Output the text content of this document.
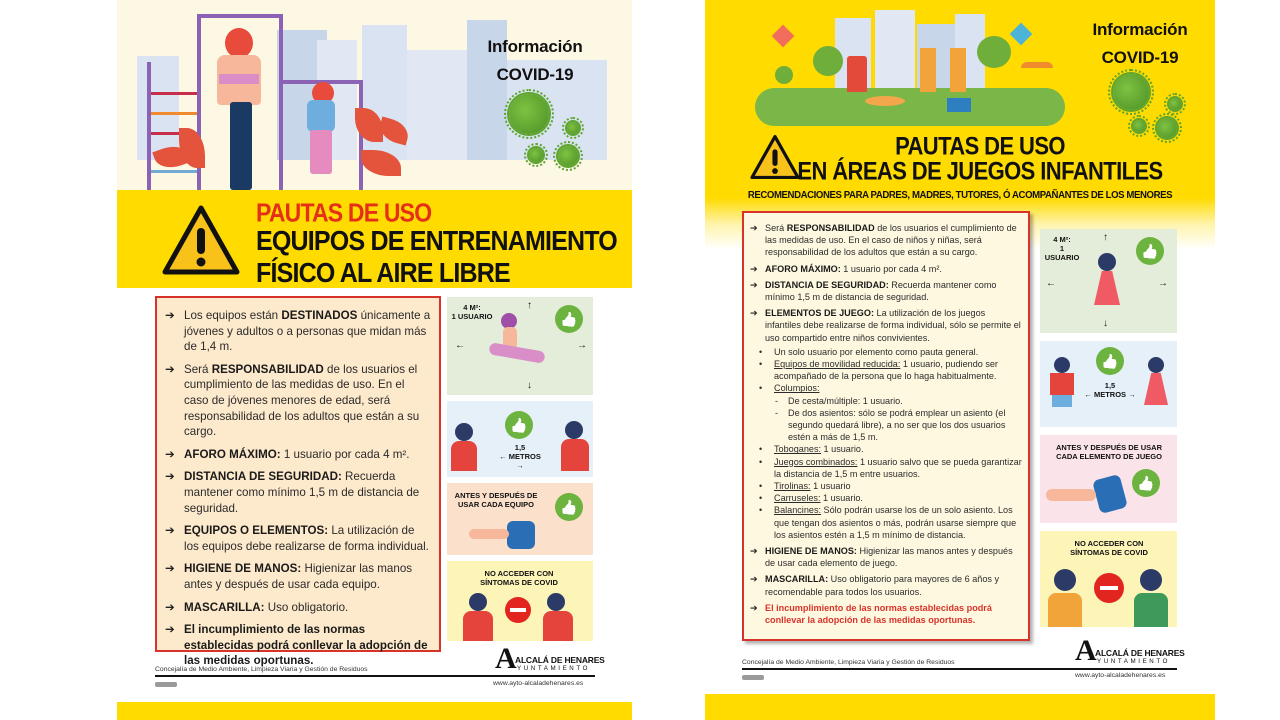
Información
COVID-19
PAUTAS DE USO
EQUIPOS DE ENTRENAMIENTO
FÍSICO AL AIRE LIBRE
➔ Los equipos están DESTINADOS únicamente a jóvenes y adultos o a personas que midan más de 1,4 m.
➔ Será RESPONSABILIDAD de los usuarios el cumplimiento de las medidas de uso. En el caso de jóvenes menores de edad, será responsabilidad de los adultos que están a su cargo.
➔ AFORO MÁXIMO: 1 usuario por cada 4 m².
➔ DISTANCIA DE SEGURIDAD: Recuerda mantener como mínimo 1,5 m de distancia de seguridad.
➔ EQUIPOS O ELEMENTOS: La utilización de los equipos debe realizarse de forma individual.
➔ HIGIENE DE MANOS: Higienizar las manos antes y después de usar cada equipo.
➔ MASCARILLA: Uso obligatorio.
➔ El incumplimiento de las normas establecidas podrá conllevar la adopción de las medidas oportunas.
4 M²:
1 USUARIO
👍
↑
↓
←	→
👍
1,5
← METROS →
ANTES Y DESPUÉS DE
USAR CADA EQUIPO
👍
NO ACCEDER CON
SÍNTOMAS DE COVID
Concejalía de Medio Ambiente, Limpieza Viaria y Gestión de Residuos	A
ALCALÁ DE HENARES
YUNTAMIENTO
www.ayto-alcaladehenares.es
Información
COVID-19
PAUTAS DE USO
EN ÁREAS DE JUEGOS INFANTILES
RECOMENDACIONES PARA PADRES, MADRES, TUTORES, Ó ACOMPAÑANTES DE LOS MENORES
➔ Será RESPONSABILIDAD de los usuarios el cumplimiento de las medidas de uso. En el caso de niños y niñas, será responsabilidad de los adultos que están a su cargo.
➔ AFORO MÁXIMO: 1 usuario por cada 4 m².
➔ DISTANCIA DE SEGURIDAD: Recuerda mantener como mínimo 1,5 m de distancia de seguridad.
➔ ELEMENTOS DE JUEGO: La utilización de los juegos infantiles debe realizarse de forma individual, sólo se permite el uso compartido entre niños convivientes.
• Un solo usuario por elemento como pauta general.
• Equipos de movilidad reducida: 1 usuario, pudiendo ser acompañado de la persona que lo haga habitualmente.
• Columpios:
- De cesta/múltiple: 1 usuario.
- De dos asientos: sólo se podrá emplear un asiento (el segundo quedará libre), a no ser que los dos usuarios estén a más de 1,5 m.
• Toboganes: 1 usuario.
• Juegos combinados: 1 usuario salvo que se pueda garantizar la distancia de 1,5 m entre usuarios.
• Tirolinas: 1 usuario
• Carruseles: 1 usuario.
• Balancines: Sólo podrán usarse los de un solo asiento. Los que tengan dos asientos o más, podrán usarse siempre que los asientos estén a 1,5 m mínimo de distancia.
➔ HIGIENE DE MANOS: Higienizar las manos antes y después de usar cada elemento de juego.
➔ MASCARILLA: Uso obligatorio para mayores de 6 años y recomendable para todos los usuarios.
➔ El incumplimiento de las normas establecidas podrá conllevar la adopción de las medidas oportunas.
4 M²:
1 USUARIO
👍
↑
↓
←	→
👍
1,5
← METROS →
ANTES Y DESPUÉS DE USAR
CADA ELEMENTO DE JUEGO
👍
NO ACCEDER CON
SÍNTOMAS DE COVID
Concejalía de Medio Ambiente, Limpieza Viaria y Gestión de Residuos	A
ALCALÁ DE HENARES
YUNTAMIENTO
www.ayto-alcaladehenares.es
